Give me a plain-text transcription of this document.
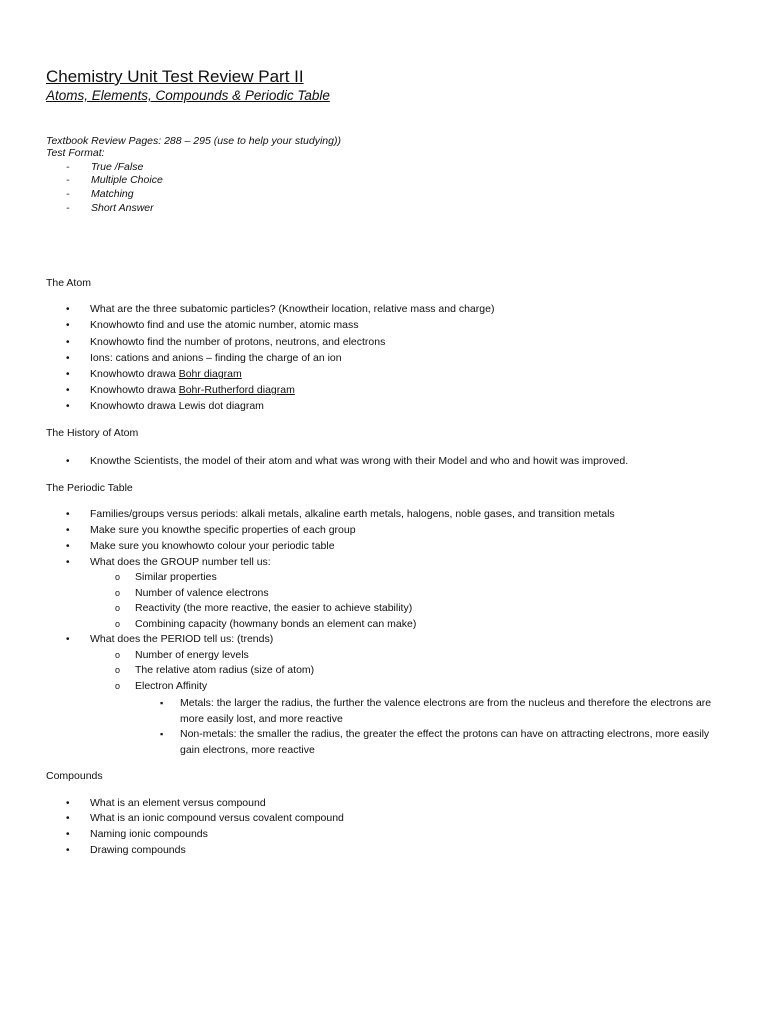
Chemistry Unit Test Review Part II
Atoms, Elements, Compounds & Periodic Table
Textbook Review Pages: 288 – 295 (use to help your studying))
Test Format:
- True /False
- Multiple Choice
- Matching
- Short Answer
The Atom
• What are the three subatomic particles? (Knowtheir location, relative mass and charge)
• Knowhowto find and use the atomic number, atomic mass
• Knowhowto find the number of protons, neutrons, and electrons
• Ions: cations and anions – finding the charge of an ion
• Knowhowto drawa Bohr diagram
• Knowhowto drawa Bohr-Rutherford diagram
• Knowhowto drawa Lewis dot diagram
The History of Atom
• Knowthe Scientists, the model of their atom and what was wrong with their Model and who and howit was improved.
The Periodic Table
• Families/groups versus periods: alkali metals, alkaline earth metals, halogens, noble gases, and transition metals
• Make sure you knowthe specific properties of each group
• Make sure you knowhowto colour your periodic table
• What does the GROUP number tell us:
o Similar properties
o Number of valence electrons
o Reactivity (the more reactive, the easier to achieve stability)
o Combining capacity (howmany bonds an element can make)
• What does the PERIOD tell us: (trends)
o Number of energy levels
o The relative atom radius (size of atom)
o Electron Affinity
▪ Metals: the larger the radius, the further the valence electrons are from the nucleus and therefore the electrons are more easily lost, and more reactive
▪ Non-metals: the smaller the radius, the greater the effect the protons can have on attracting electrons, more easily gain electrons, more reactive
Compounds
• What is an element versus compound
• What is an ionic compound versus covalent compound
• Naming ionic compounds
• Drawing compounds
